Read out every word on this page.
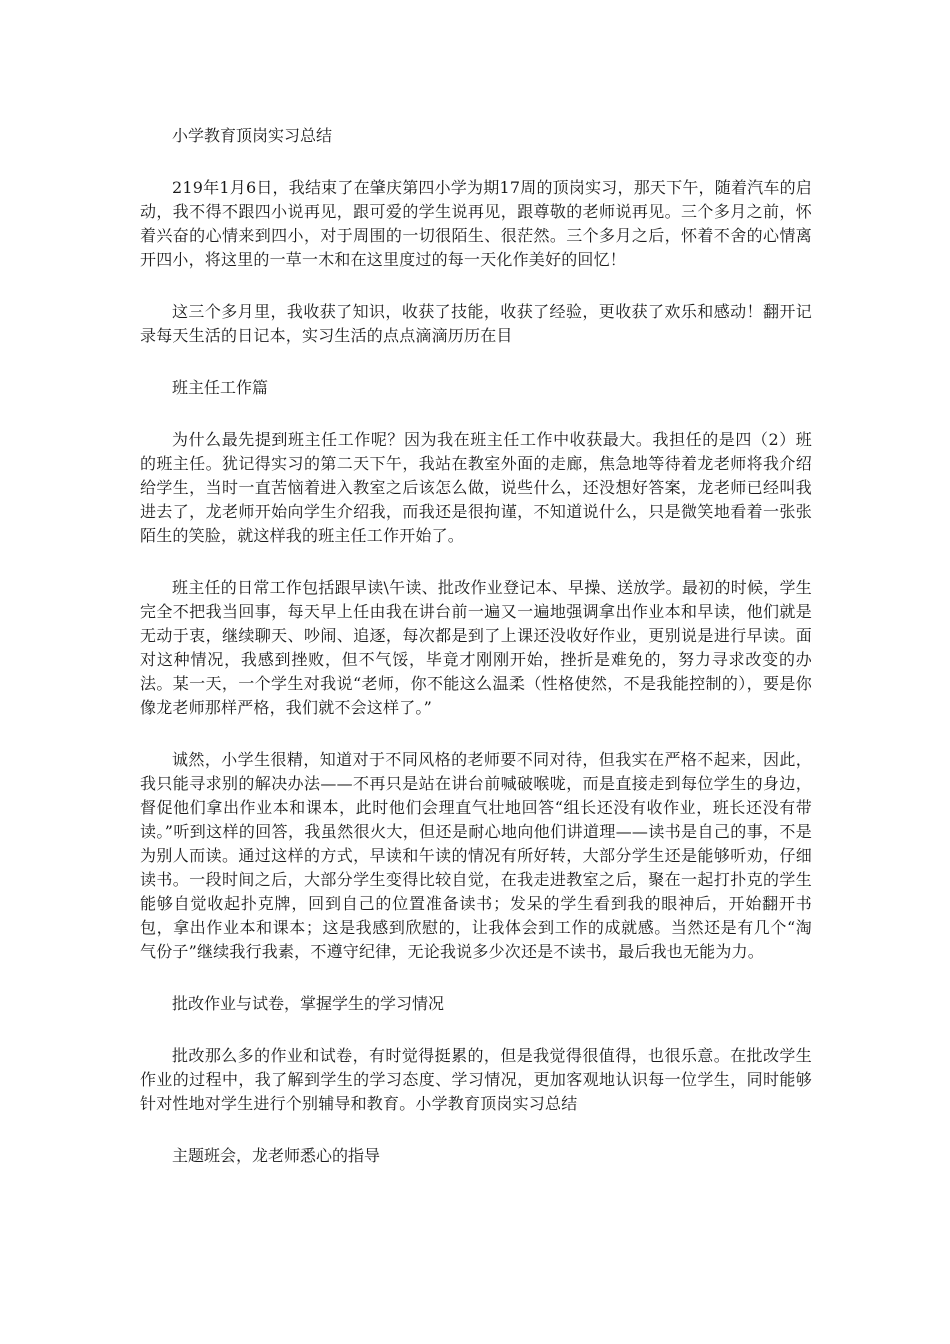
小学教育顶岗实习总结

219年1月6日，我结束了在肇庆第四小学为期17周的顶岗实习，那天下午，随着汽车的启动，我不得不跟四小说再见，跟可爱的学生说再见，跟尊敬的老师说再见。三个多月之前，怀着兴奋的心情来到四小，对于周围的一切很陌生、很茫然。三个多月之后，怀着不舍的心情离开四小，将这里的一草一木和在这里度过的每一天化作美好的回忆！

这三个多月里，我收获了知识，收获了技能，收获了经验，更收获了欢乐和感动！翻开记录每天生活的日记本，实习生活的点点滴滴历历在目

班主任工作篇

为什么最先提到班主任工作呢？因为我在班主任工作中收获最大。我担任的是四（2）班的班主任。犹记得实习的第二天下午，我站在教室外面的走廊，焦急地等待着龙老师将我介绍给学生，当时一直苦恼着进入教室之后该怎么做，说些什么，还没想好答案，龙老师已经叫我进去了，龙老师开始向学生介绍我，而我还是很拘谨，不知道说什么，只是微笑地看着一张张陌生的笑脸，就这样我的班主任工作开始了。

班主任的日常工作包括跟早读\午读、批改作业登记本、早操、送放学。最初的时候，学生完全不把我当回事，每天早上任由我在讲台前一遍又一遍地强调拿出作业本和早读，他们就是无动于衷，继续聊天、吵闹、追逐，每次都是到了上课还没收好作业，更别说是进行早读。面对这种情况，我感到挫败，但不气馁，毕竟才刚刚开始，挫折是难免的，努力寻求改变的办法。某一天，一个学生对我说“老师，你不能这么温柔（性格使然，不是我能控制的），要是你像龙老师那样严格，我们就不会这样了。”

诚然，小学生很精，知道对于不同风格的老师要不同对待，但我实在严格不起来，因此，我只能寻求别的解决办法——不再只是站在讲台前喊破喉咙，而是直接走到每位学生的身边，督促他们拿出作业本和课本，此时他们会理直气壮地回答“组长还没有收作业，班长还没有带读。”听到这样的回答，我虽然很火大，但还是耐心地向他们讲道理——读书是自己的事，不是为别人而读。通过这样的方式，早读和午读的情况有所好转，大部分学生还是能够听劝，仔细读书。一段时间之后，大部分学生变得比较自觉，在我走进教室之后，聚在一起打扑克的学生能够自觉收起扑克牌，回到自己的位置准备读书；发呆的学生看到我的眼神后，开始翻开书包，拿出作业本和课本；这是我感到欣慰的，让我体会到工作的成就感。当然还是有几个“淘气份子”继续我行我素，不遵守纪律，无论我说多少次还是不读书，最后我也无能为力。

批改作业与试卷，掌握学生的学习情况

批改那么多的作业和试卷，有时觉得挺累的，但是我觉得很值得，也很乐意。在批改学生作业的过程中，我了解到学生的学习态度、学习情况，更加客观地认识每一位学生，同时能够针对性地对学生进行个别辅导和教育。小学教育顶岗实习总结

主题班会，龙老师悉心的指导
